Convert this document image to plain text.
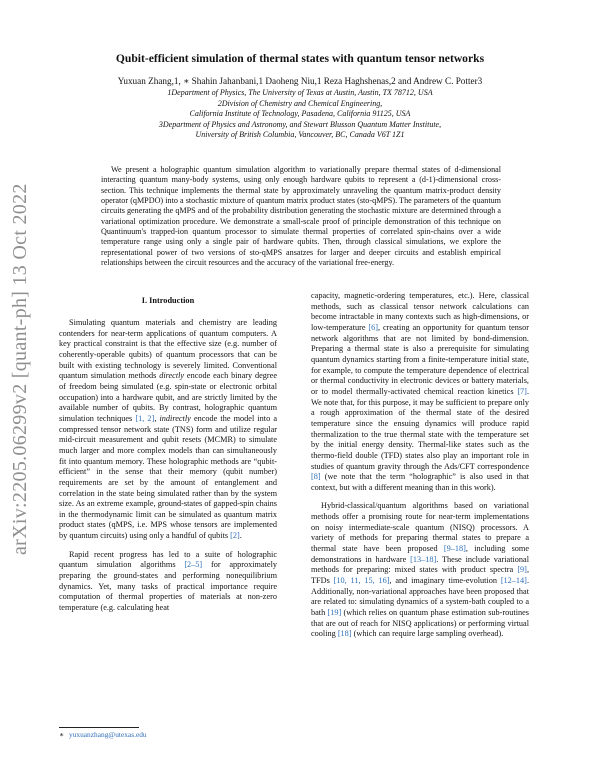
arXiv:2205.06299v2 [quant-ph] 13 Oct 2022
Qubit-efficient simulation of thermal states with quantum tensor networks
Yuxuan Zhang,1, ∗ Shahin Jahanbani,1 Daoheng Niu,1 Reza Haghshenas,2 and Andrew C. Potter3
1Department of Physics, The University of Texas at Austin, Austin, TX 78712, USA
2Division of Chemistry and Chemical Engineering,
California Institute of Technology, Pasadena, California 91125, USA
3Department of Physics and Astronomy, and Stewart Blusson Quantum Matter Institute,
University of British Columbia, Vancouver, BC, Canada V6T 1Z1
We present a holographic quantum simulation algorithm to variationally prepare thermal states of d-dimensional interacting quantum many-body systems, using only enough hardware qubits to represent a (d-1)-dimensional cross-section. This technique implements the thermal state by approximately unraveling the quantum matrix-product density operator (qMPDO) into a stochastic mixture of quantum matrix product states (sto-qMPS). The parameters of the quantum circuits generating the qMPS and of the probability distribution generating the stochastic mixture are determined through a variational optimization procedure. We demonstrate a small-scale proof of principle demonstration of this technique on Quantinuum's trapped-ion quantum processor to simulate thermal properties of correlated spin-chains over a wide temperature range using only a single pair of hardware qubits. Then, through classical simulations, we explore the representational power of two versions of sto-qMPS ansatzes for larger and deeper circuits and establish empirical relationships between the circuit resources and the accuracy of the variational free-energy.
I. Introduction

Simulating quantum materials and chemistry are leading contenders for near-term applications of quantum computers. A key practical constraint is that the effective size (e.g. number of coherently-operable qubits) of quantum processors that can be built with existing technology is severely limited. Conventional quantum simulation methods directly encode each binary degree of freedom being simulated (e.g. spin-state or electronic orbital occupation) into a hardware qubit, and are strictly limited by the available number of qubits. By contrast, holographic quantum simulation techniques [1, 2], indirectly encode the model into a compressed tensor network state (TNS) form and utilize regular mid-circuit measurement and qubit resets (MCMR) to simulate much larger and more complex models than can simultaneously fit into quantum memory. These holographic methods are “qubit-efficient” in the sense that their memory (qubit number) requirements are set by the amount of entanglement and correlation in the state being simulated rather than by the system size. As an extreme example, ground-states of gapped-spin chains in the thermodynamic limit can be simulated as quantum matrix product states (qMPS, i.e. MPS whose tensors are implemented by quantum circuits) using only a handful of qubits [2].

Rapid recent progress has led to a suite of holographic quantum simulation algorithms [2–5] for approximately preparing the ground-states and performing nonequilibrium dynamics. Yet, many tasks of practical importance require computation of thermal properties of materials at non-zero temperature (e.g. calculating heat

capacity, magnetic-ordering temperatures, etc.). Here, classical methods, such as classical tensor network calculations can become intractable in many contexts such as high-dimensions, or low-temperature [6], creating an opportunity for quantum tensor network algorithms that are not limited by bond-dimension. Preparing a thermal state is also a prerequisite for simulating quantum dynamics starting from a finite-temperature initial state, for example, to compute the temperature dependence of electrical or thermal conductivity in electronic devices or battery materials, or to model thermally-activated chemical reaction kinetics [7]. We note that, for this purpose, it may be sufficient to prepare only a rough approximation of the thermal state of the desired temperature since the ensuing dynamics will produce rapid thermalization to the true thermal state with the temperature set by the initial energy density. Thermal-like states such as the thermo-field double (TFD) states also play an important role in studies of quantum gravity through the Ads/CFT correspondence [8] (we note that the term “holographic” is also used in that context, but with a different meaning than in this work).

Hybrid-classical/quantum algorithms based on variational methods offer a promising route for near-term implementations on noisy intermediate-scale quantum (NISQ) processors. A variety of methods for preparing thermal states to prepare a thermal state have been proposed [9–18], including some demonstrations in hardware [13–18]. These include variational methods for preparing: mixed states with product spectra [9], TFDs [10, 11, 15, 16], and imaginary time-evolution [12–14]. Additionally, non-variational approaches have been proposed that are related to: simulating dynamics of a system-bath coupled to a bath [19] (which relies on quantum phase estimation sub-routines that are out of reach for NISQ applications) or performing virtual cooling [18] (which can require large sampling overhead).

∗ yuxuanzhang@utexas.edu
